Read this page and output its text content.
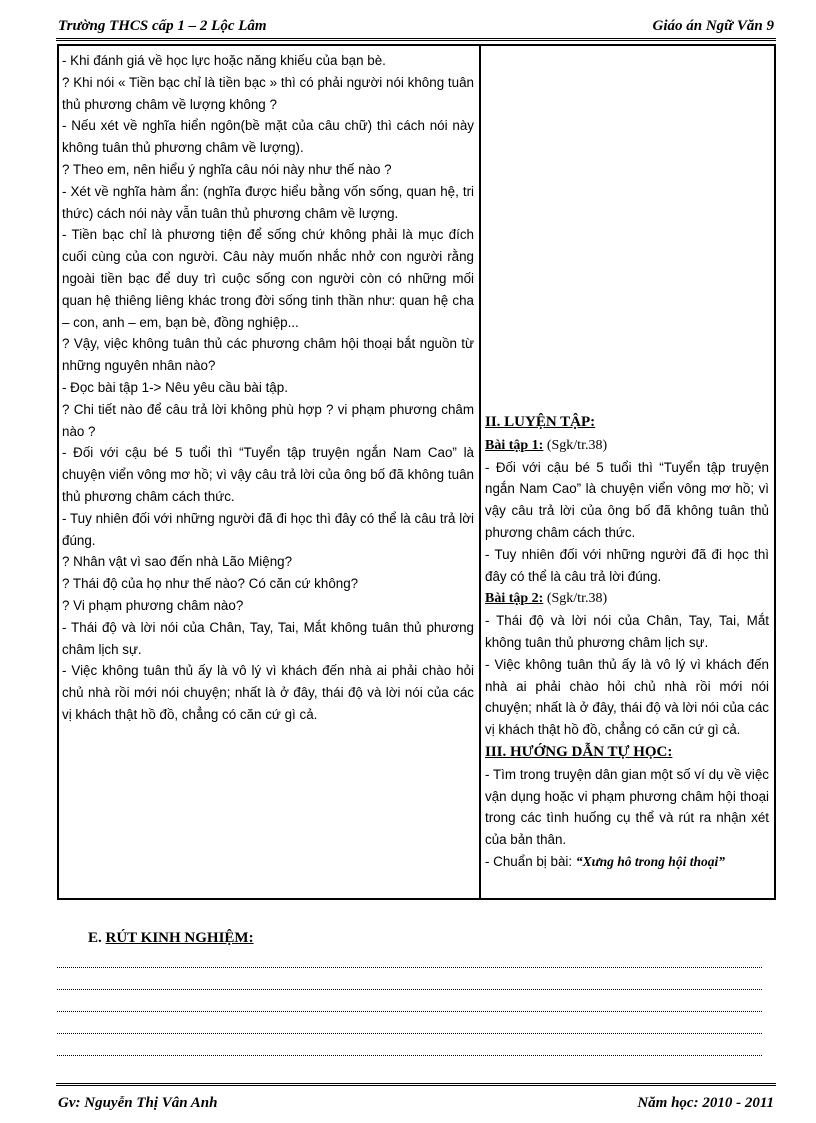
Trường THCS cấp 1 – 2 Lộc Lâm	Giáo án Ngữ Văn 9

- Khi đánh giá về học lực hoặc năng khiếu của bạn bè.

? Khi nói « Tiền bạc chỉ là tiền bạc » thì có phải người nói không tuân thủ phương châm về lượng không ?

- Nếu xét về nghĩa hiển ngôn(bề mặt của câu chữ) thì cách nói này không tuân thủ phương châm về lượng).

? Theo em, nên hiểu ý nghĩa câu nói này như thế nào ?

- Xét về nghĩa hàm ẩn: (nghĩa được hiểu bằng vốn sống, quan hệ, tri thức) cách nói này vẫn tuân thủ phương châm về lượng.

- Tiền bạc chỉ là phương tiện để sống chứ không phải là mục đích cuối cùng của con người. Câu này muốn nhắc nhở con người rằng ngoài tiền bạc để duy trì cuộc sống con người còn có những mối quan hệ thiêng liêng khác trong đời sống tinh thần như: quan hệ cha – con, anh – em, bạn bè, đồng nghiệp...

? Vậy, việc không tuân thủ các phương châm hội thoại bắt nguồn từ những nguyên nhân nào?

- Đọc bài tập 1-> Nêu yêu cầu bài tập.

? Chi tiết nào để câu trả lời không phù hợp ? vi phạm phương châm nào ?

- Đối với cậu bé 5 tuổi thì “Tuyển tập truyện ngắn Nam Cao” là chuyện viển vông mơ hồ; vì vậy câu trả lời của ông bố đã không tuân thủ phương châm cách thức.

- Tuy nhiên đối với những người đã đi học thì đây có thể là câu trả lời đúng.

? Nhân vật vì sao đến nhà Lão Miệng?

? Thái độ của họ như thế nào? Có căn cứ không?

? Vi phạm phương châm nào?

- Thái độ và lời nói của Chân, Tay, Tai, Mắt không tuân thủ phương châm lịch sự.

- Việc không tuân thủ ấy là vô lý vì khách đến nhà ai phải chào hỏi chủ nhà rồi mới nói chuyện; nhất là ở đây, thái độ và lời nói của các vị khách thật hồ đồ, chẳng có căn cứ gì cả.

II. LUYỆN TẬP:

Bài tập 1: (Sgk/tr.38)

- Đối với cậu bé 5 tuổi thì “Tuyển tập truyện ngắn Nam Cao” là chuyện viển vông mơ hồ; vì vậy câu trả lời của ông bố đã không tuân thủ phương châm cách thức.

- Tuy nhiên đối với những người đã đi học thì đây có thể là câu trả lời đúng.

Bài tập 2: (Sgk/tr.38)

- Thái độ và lời nói của Chân, Tay, Tai, Mắt không tuân thủ phương châm lịch sự.

- Việc không tuân thủ ấy là vô lý vì khách đến nhà ai phải chào hỏi chủ nhà rồi mới nói chuyện; nhất là ở đây, thái độ và lời nói của các vị khách thật hồ đồ, chẳng có căn cứ gì cả.

III. HƯỚNG DẪN TỰ HỌC:

- Tìm trong truyện dân gian một số ví dụ về việc vận dụng hoặc vi phạm phương châm hội thoại trong các tình huống cụ thể và rút ra nhận xét của bản thân.

- Chuẩn bị bài: “Xưng hô trong hội thoại”

E. RÚT KINH NGHIỆM:
Gv: Nguyễn Thị Vân Anh	Năm học: 2010 - 2011
